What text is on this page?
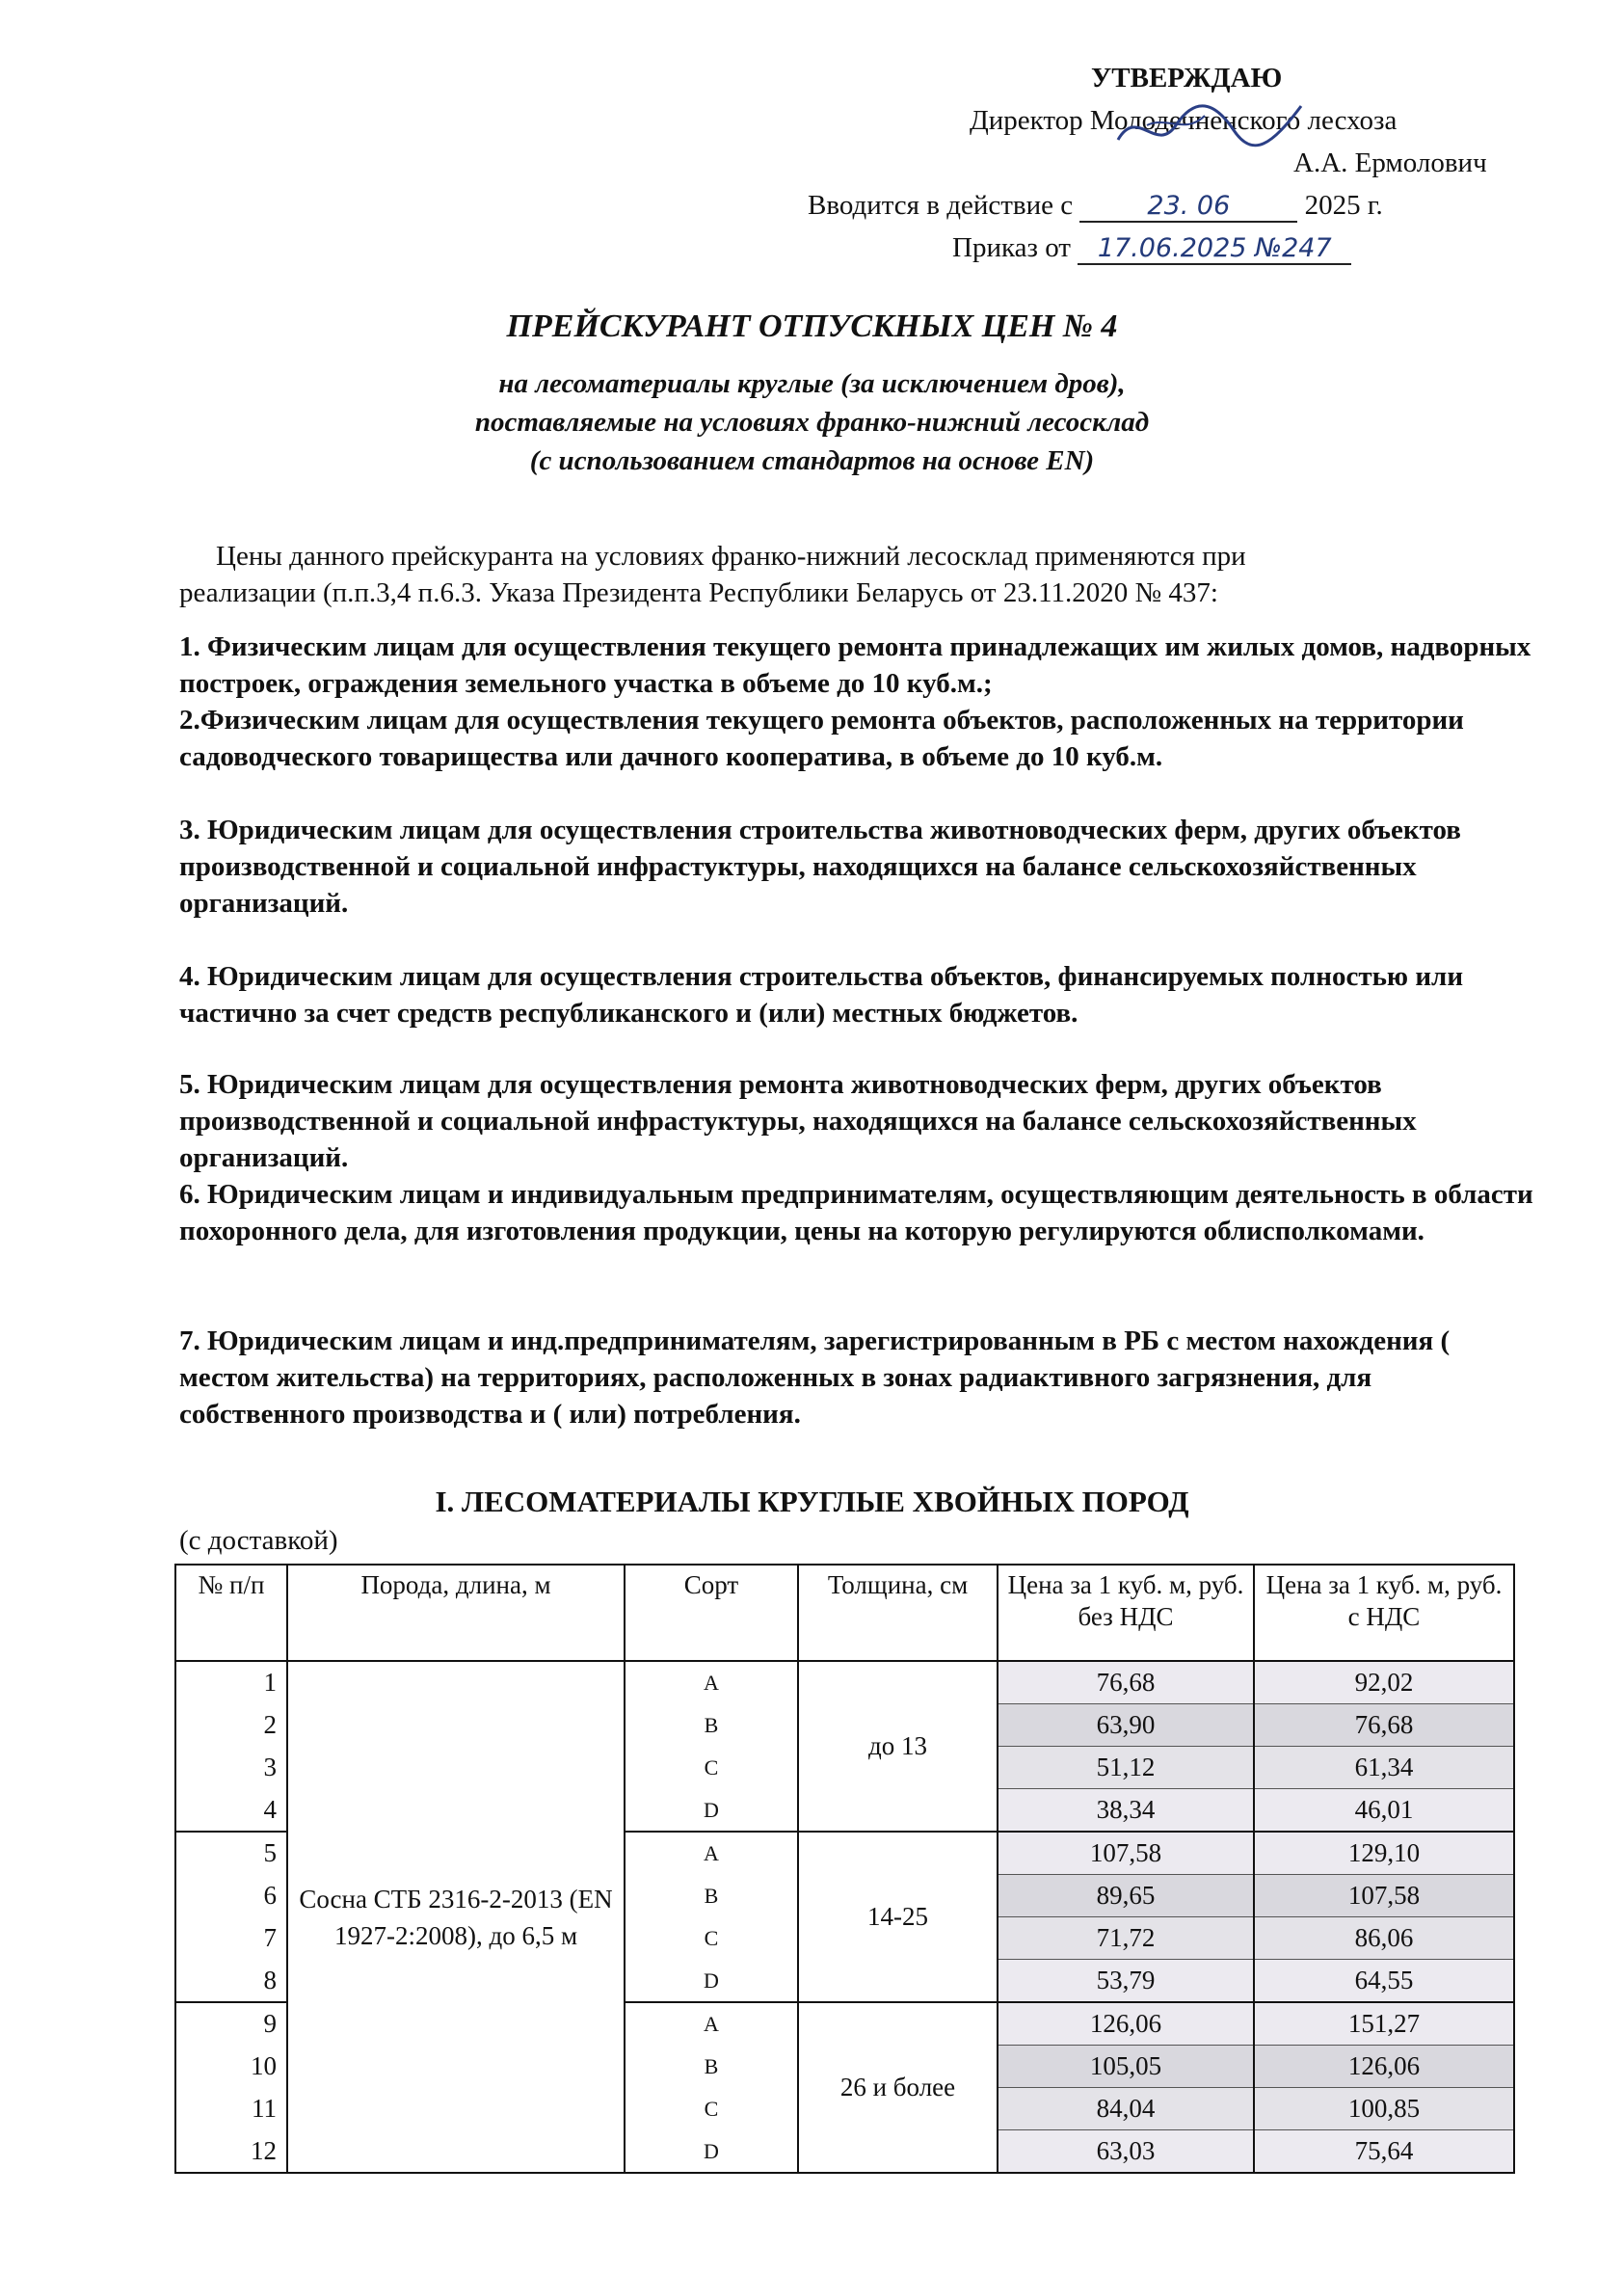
УТВЕРЖДАЮ
Директор Молодечненского лесхоза
А.А. Ермолович
Вводится в действие с	23. 06	2025 г.
Приказ от 17.06.2025 №247
ПРЕЙСКУРАНТ ОТПУСКНЫХ ЦЕН № 4
на лесоматериалы круглые (за исключением дров),
поставляемые на условиях франко-нижний лесосклад
(с использованием стандартов на основе EN)

Цены данного прейскуранта на условиях франко-нижний лесосклад применяются при

реализации (п.п.3,4 п.6.3. Указа Президента Республики Беларусь от 23.11.2020 № 437:

1. Физическим лицам для осуществления текущего ремонта принадлежащих им жилых домов, надворных построек, ограждения земельного участка в объеме до 10 куб.м.;

2.Физическим лицам для осуществления текущего ремонта объектов, расположенных на территории садоводческого товарищества или дачного кооператива, в объеме до 10 куб.м.

3. Юридическим лицам для осуществления строительства животноводческих ферм, других объектов производственной и социальной инфрастуктуры, находящихся на балансе сельскохозяйственных организаций.

4. Юридическим лицам для осуществления строительства объектов, финансируемых полностью или частично за счет средств республиканского и (или) местных бюджетов.

5. Юридическим лицам для осуществления ремонта животноводческих ферм, других объектов производственной и социальной инфрастуктуры, находящихся на балансе сельскохозяйственных организаций.

6. Юридическим лицам и индивидуальным предпринимателям, осуществляющим деятельность в области похоронного дела, для изготовления продукции, цены на которую регулируются облисполкомами.

7. Юридическим лицам и инд.предпринимателям, зарегистрированным в РБ с местом нахождения ( местом жительства) на территориях, расположенных в зонах радиактивного загрязнения, для собственного производства и ( или) потребления.

I. ЛЕСОМАТЕРИАЛЫ КРУГЛЫЕ ХВОЙНЫХ ПОРОД
(с доставкой)
№ п/п	Порода, длина, м	Сорт	Толщина, см	Цена за 1 куб. м, руб. без НДС	Цена за 1 куб. м, руб. с НДС
1	Сосна СТБ 2316-2-2013 (EN 1927-2:2008), до 6,5 м	A	до 13	76,68	92,02
2		B		63,90	76,68
3		C		51,12	61,34
4		D		38,34	46,01
5		A	14-25	107,58	129,10
6		B		89,65	107,58
7		C		71,72	86,06
8		D		53,79	64,55
9		A	26 и более	126,06	151,27
10		B		105,05	126,06
11		C		84,04	100,85
12		D		63,03	75,64
